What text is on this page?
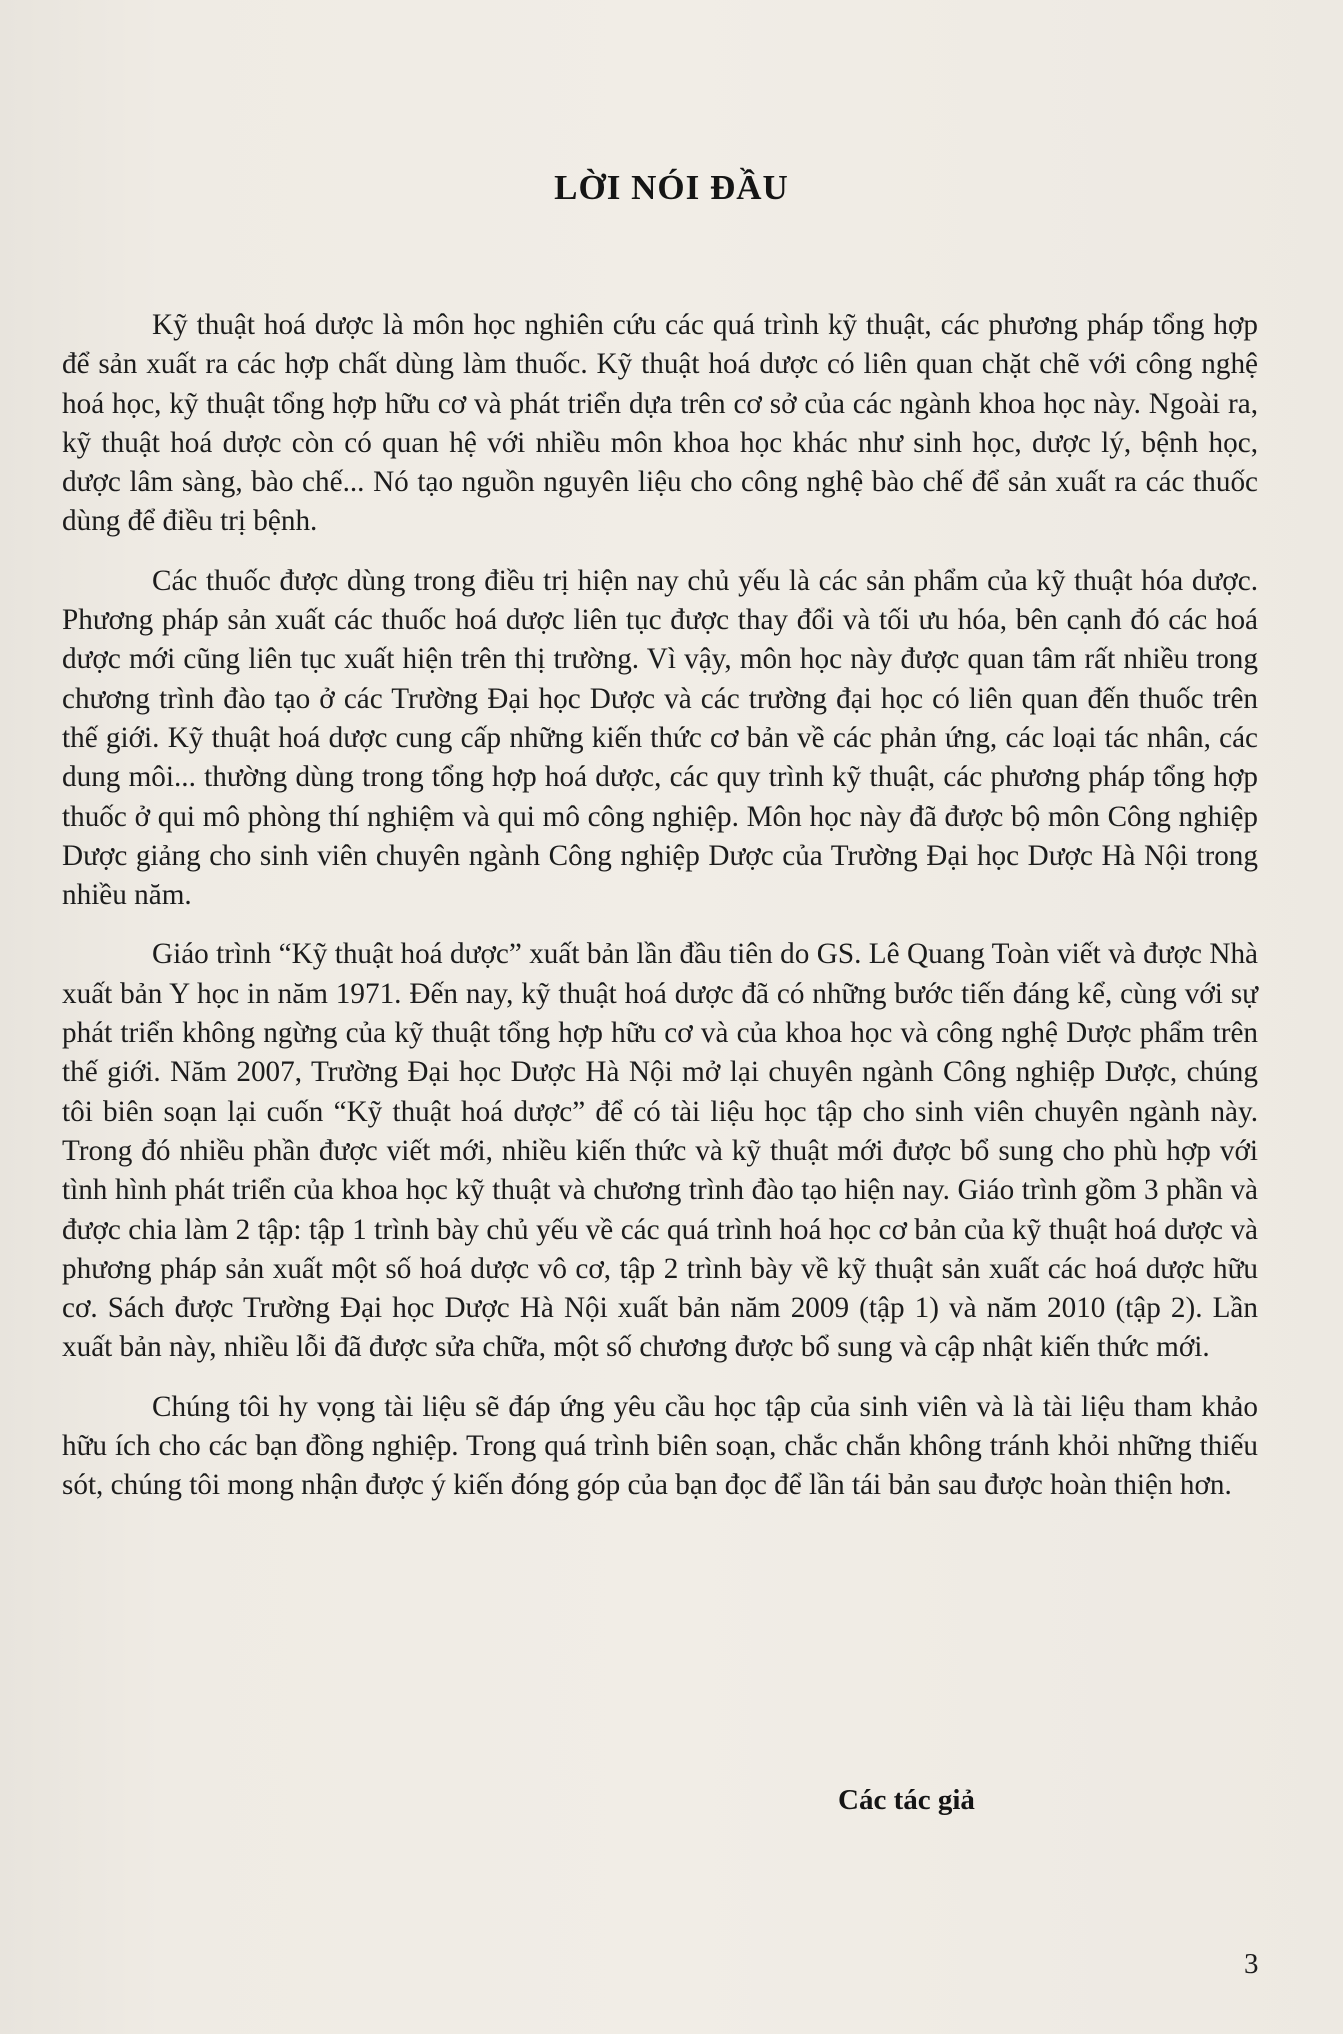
LỜI NÓI ĐẦU

Kỹ thuật hoá dược là môn học nghiên cứu các quá trình kỹ thuật, các phương pháp tổng hợp để sản xuất ra các hợp chất dùng làm thuốc. Kỹ thuật hoá dược có liên quan chặt chẽ với công nghệ hoá học, kỹ thuật tổng hợp hữu cơ và phát triển dựa trên cơ sở của các ngành khoa học này. Ngoài ra, kỹ thuật hoá dược còn có quan hệ với nhiều môn khoa học khác như sinh học, dược lý, bệnh học, dược lâm sàng, bào chế... Nó tạo nguồn nguyên liệu cho công nghệ bào chế để sản xuất ra các thuốc dùng để điều trị bệnh.

Các thuốc được dùng trong điều trị hiện nay chủ yếu là các sản phẩm của kỹ thuật hóa dược. Phương pháp sản xuất các thuốc hoá dược liên tục được thay đổi và tối ưu hóa, bên cạnh đó các hoá dược mới cũng liên tục xuất hiện trên thị trường. Vì vậy, môn học này được quan tâm rất nhiều trong chương trình đào tạo ở các Trường Đại học Dược và các trường đại học có liên quan đến thuốc trên thế giới. Kỹ thuật hoá dược cung cấp những kiến thức cơ bản về các phản ứng, các loại tác nhân, các dung môi... thường dùng trong tổng hợp hoá dược, các quy trình kỹ thuật, các phương pháp tổng hợp thuốc ở qui mô phòng thí nghiệm và qui mô công nghiệp. Môn học này đã được bộ môn Công nghiệp Dược giảng cho sinh viên chuyên ngành Công nghiệp Dược của Trường Đại học Dược Hà Nội trong nhiều năm.

Giáo trình “Kỹ thuật hoá dược” xuất bản lần đầu tiên do GS. Lê Quang Toàn viết và được Nhà xuất bản Y học in năm 1971. Đến nay, kỹ thuật hoá dược đã có những bước tiến đáng kể, cùng với sự phát triển không ngừng của kỹ thuật tổng hợp hữu cơ và của khoa học và công nghệ Dược phẩm trên thế giới. Năm 2007, Trường Đại học Dược Hà Nội mở lại chuyên ngành Công nghiệp Dược, chúng tôi biên soạn lại cuốn “Kỹ thuật hoá dược” để có tài liệu học tập cho sinh viên chuyên ngành này. Trong đó nhiều phần được viết mới, nhiều kiến thức và kỹ thuật mới được bổ sung cho phù hợp với tình hình phát triển của khoa học kỹ thuật và chương trình đào tạo hiện nay. Giáo trình gồm 3 phần và được chia làm 2 tập: tập 1 trình bày chủ yếu về các quá trình hoá học cơ bản của kỹ thuật hoá dược và phương pháp sản xuất một số hoá dược vô cơ, tập 2 trình bày về kỹ thuật sản xuất các hoá dược hữu cơ. Sách được Trường Đại học Dược Hà Nội xuất bản năm 2009 (tập 1) và năm 2010 (tập 2). Lần xuất bản này, nhiều lỗi đã được sửa chữa, một số chương được bổ sung và cập nhật kiến thức mới.

Chúng tôi hy vọng tài liệu sẽ đáp ứng yêu cầu học tập của sinh viên và là tài liệu tham khảo hữu ích cho các bạn đồng nghiệp. Trong quá trình biên soạn, chắc chắn không tránh khỏi những thiếu sót, chúng tôi mong nhận được ý kiến đóng góp của bạn đọc để lần tái bản sau được hoàn thiện hơn.

Các tác giả
3
